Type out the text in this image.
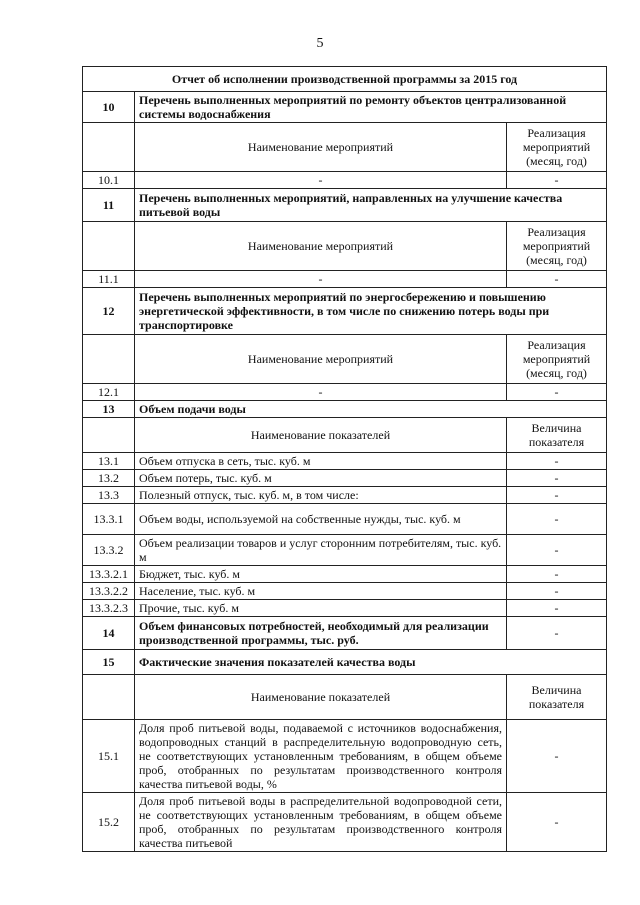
5
Отчет об исполнении производственной программы за 2015 год		
10	Перечень выполненных мероприятий по ремонту объектов централизованной системы водоснабжения	
	Наименование мероприятий	Реализация мероприятий (месяц, год)
10.1	-	-
11	Перечень выполненных мероприятий, направленных на улучшение качества питьевой воды	
	Наименование мероприятий	Реализация мероприятий (месяц, год)
11.1	-	-
12	Перечень выполненных мероприятий по энергосбережению и повышению энергетической эффективности, в том числе по снижению потерь воды при транспортировке	
	Наименование мероприятий	Реализация мероприятий (месяц, год)
12.1	-	-
13	Объем подачи воды	
	Наименование показателей	Величина показателя
13.1	Объем отпуска в сеть, тыс. куб. м	-
13.2	Объем потерь, тыс. куб. м	-
13.3	Полезный отпуск, тыс. куб. м, в том числе:	-
13.3.1	Объем воды, используемой на собственные нужды, тыс. куб. м	-
13.3.2	Объем реализации товаров и услуг сторонним потребителям, тыс. куб. м	-
13.3.2.1	Бюджет, тыс. куб. м	-
13.3.2.2	Население, тыс. куб. м	-
13.3.2.3	Прочие, тыс. куб. м	-
14	Объем финансовых потребностей, необходимый для реализации производственной программы, тыс. руб.	-
15	Фактические значения показателей качества воды	
	Наименование показателей	Величина показателя
15.1	Доля проб питьевой воды, подаваемой с источников водоснабжения, водопроводных станций в распределительную водопроводную сеть, не соответствующих установленным требованиям, в общем объеме проб, отобранных по результатам производственного контроля качества питьевой воды, %	-
15.2	Доля проб питьевой воды в распределительной водопроводной сети, не соответствующих установленным требованиям, в общем объеме проб, отобранных по результатам производственного контроля качества питьевой	-
